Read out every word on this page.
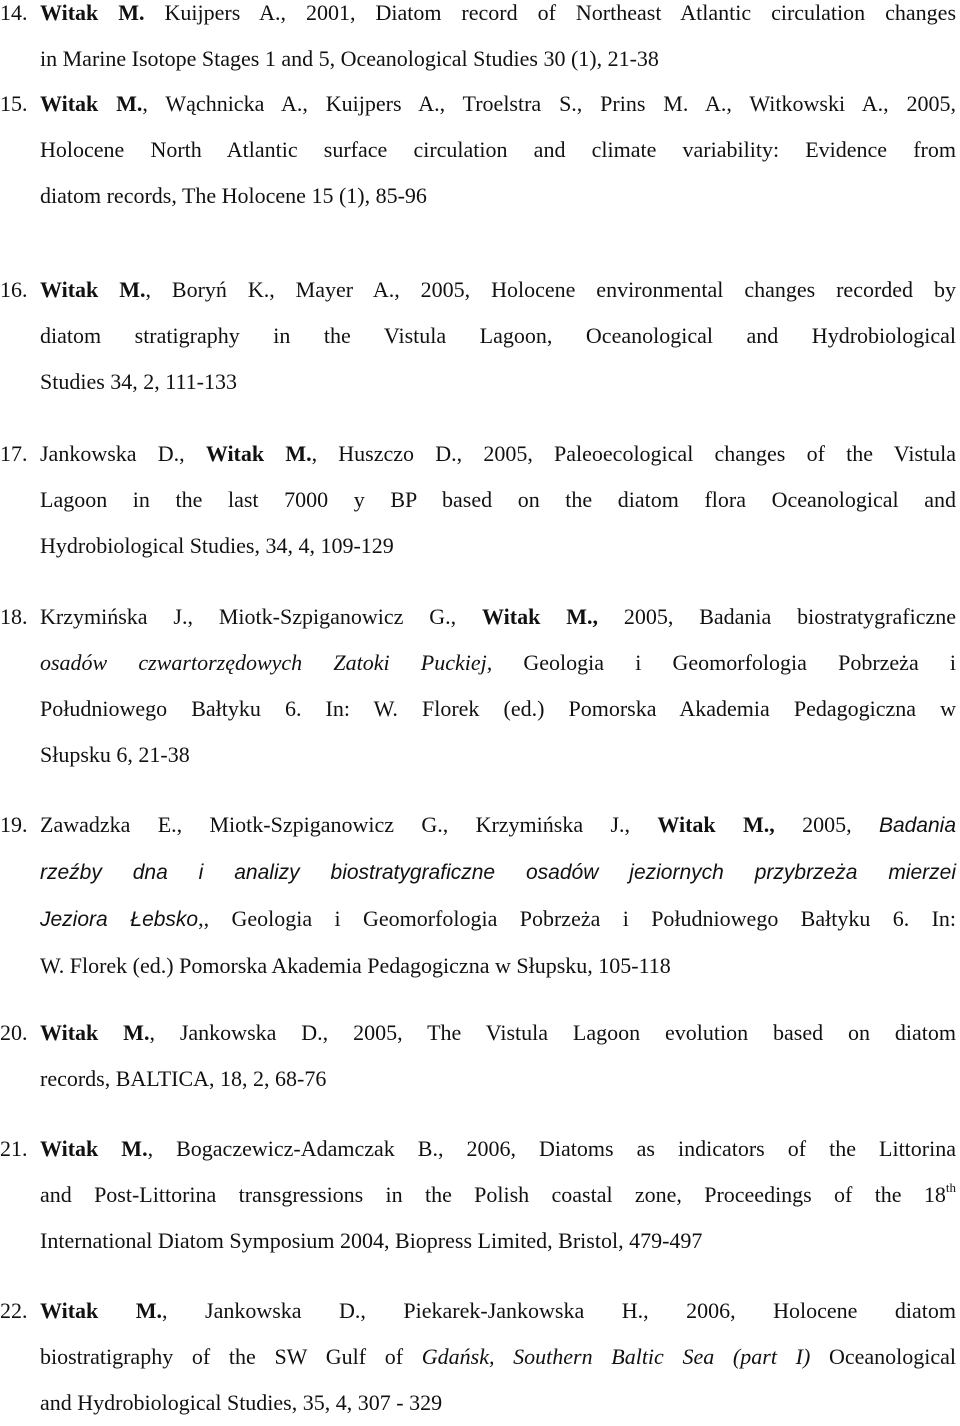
14. Witak M. Kuijpers A., 2001, Diatom record of Northeast Atlantic circulation changes
in Marine Isotope Stages 1 and 5, Oceanological Studies 30 (1), 21-38
15. Witak M., Wąchnicka A., Kuijpers A., Troelstra S., Prins M. A., Witkowski A., 2005,
Holocene North Atlantic surface circulation and climate variability: Evidence from
diatom records, The Holocene 15 (1), 85-96
16. Witak M., Boryń K., Mayer A., 2005, Holocene environmental changes recorded by
diatom stratigraphy in the Vistula Lagoon, Oceanological and Hydrobiological
Studies 34, 2, 111-133
17. Jankowska D., Witak M., Huszczo D., 2005, Paleoecological changes of the Vistula
Lagoon in the last 7000 y BP based on the diatom flora Oceanological and
Hydrobiological Studies, 34, 4, 109-129
18. Krzymińska J., Miotk-Szpiganowicz G., Witak M., 2005, Badania biostratygraficzne
osadów czwartorzędowych Zatoki Puckiej, Geologia i Geomorfologia Pobrzeża i
Południowego Bałtyku 6. In: W. Florek (ed.) Pomorska Akademia Pedagogiczna w
Słupsku 6, 21-38
19. Zawadzka E., Miotk-Szpiganowicz G., Krzymińska J., Witak M., 2005, Badania
rzeźby dna i analizy biostratygraficzne osadów jeziornych przybrzeża mierzei
Jeziora Łebsko,, Geologia i Geomorfologia Pobrzeża i Południowego Bałtyku 6. In:
W. Florek (ed.) Pomorska Akademia Pedagogiczna w Słupsku, 105-118
20. Witak M., Jankowska D., 2005, The Vistula Lagoon evolution based on diatom
records, BALTICA, 18, 2, 68-76
21. Witak M., Bogaczewicz-Adamczak B., 2006, Diatoms as indicators of the Littorina
and Post-Littorina transgressions in the Polish coastal zone, Proceedings of the 18th
International Diatom Symposium 2004, Biopress Limited, Bristol, 479-497
22. Witak M., Jankowska D., Piekarek-Jankowska H., 2006, Holocene diatom
biostratigraphy of the SW Gulf of Gdańsk, Southern Baltic Sea (part I) Oceanological
and Hydrobiological Studies, 35, 4, 307 - 329
